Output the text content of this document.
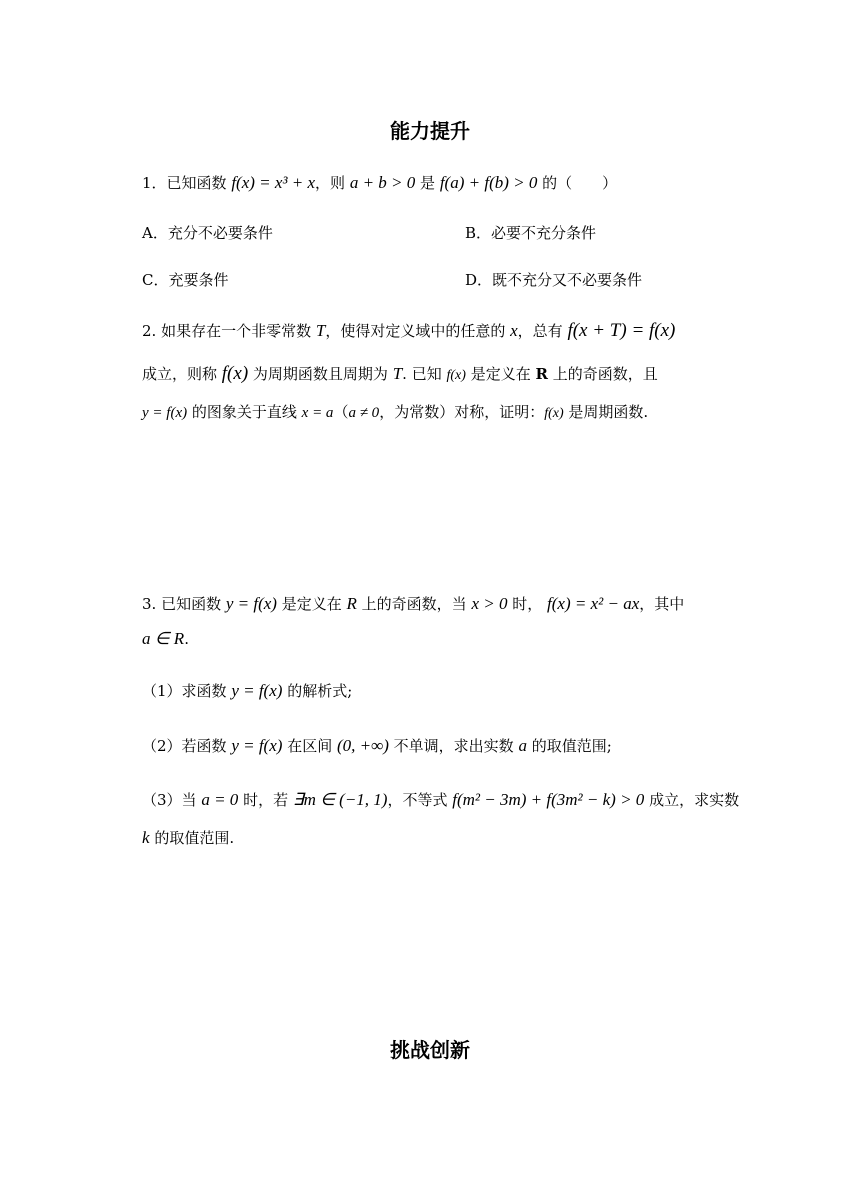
能力提升
1．已知函数 f(x) = x³ + x，则 a + b > 0 是 f(a) + f(b) > 0 的（　　）
A．充分不必要条件	B．必要不充分条件
C．充要条件	D．既不充分又不必要条件
2. 如果存在一个非零常数 T，使得对定义域中的任意的 x，总有 f(x + T) = f(x)
成立，则称 f(x) 为周期函数且周期为 T. 已知 f(x) 是定义在 R 上的奇函数，且
y = f(x) 的图象关于直线 x = a（a ≠ 0，为常数）对称，证明：f(x) 是周期函数.
3. 已知函数 y = f(x) 是定义在 R 上的奇函数，当 x > 0 时， f(x) = x² − ax，其中
a ∈ R.
（1）求函数 y = f(x) 的解析式;
（2）若函数 y = f(x) 在区间 (0, +∞) 不单调，求出实数 a 的取值范围;
（3）当 a = 0 时，若 ∃m ∈ (−1, 1)，不等式 f(m² − 3m) + f(3m² − k) > 0 成立，求实数
k 的取值范围.
挑战创新
